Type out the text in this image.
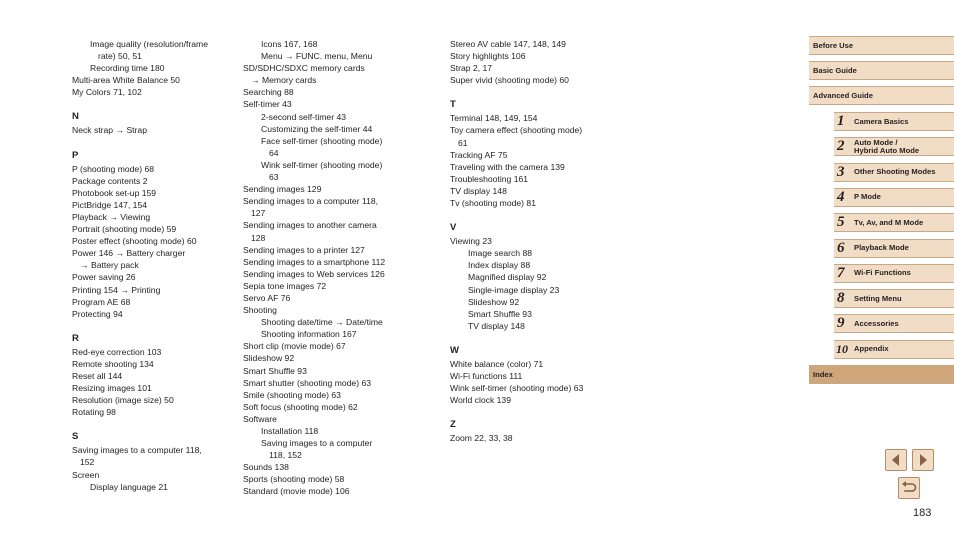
Image quality (resolution/frame
rate) 50, 51
Recording time 180
Multi-area White Balance 50
My Colors 71, 102
N
Neck strap → Strap
P
P (shooting mode) 68
Package contents 2
Photobook set-up 159
PictBridge 147, 154
Playback → Viewing
Portrait (shooting mode) 59
Poster effect (shooting mode) 60
Power 146 → Battery charger
→ Battery pack
Power saving 26
Printing 154 → Printing
Program AE 68
Protecting 94
R
Red-eye correction 103
Remote shooting 134
Reset all 144
Resizing images 101
Resolution (image size) 50
Rotating 98
S
Saving images to a computer 118,
152
Screen
Display language 21
Icons 167, 168
Menu → FUNC. menu, Menu
SD/SDHC/SDXC memory cards
→ Memory cards
Searching 88
Self-timer 43
2-second self-timer 43
Customizing the self-timer 44
Face self-timer (shooting mode)
64
Wink self-timer (shooting mode)
63
Sending images 129
Sending images to a computer 118,
127
Sending images to another camera
128
Sending images to a printer 127
Sending images to a smartphone 112
Sending images to Web services 126
Sepia tone images 72
Servo AF 76
Shooting
Shooting date/time → Date/time
Shooting information 167
Short clip (movie mode) 67
Slideshow 92
Smart Shuffle 93
Smart shutter (shooting mode) 63
Smile (shooting mode) 63
Soft focus (shooting mode) 62
Software
Installation 118
Saving images to a computer
118, 152
Sounds 138
Sports (shooting mode) 58
Standard (movie mode) 106
Stereo AV cable 147, 148, 149
Story highlights 106
Strap 2, 17
Super vivid (shooting mode) 60
T
Terminal 148, 149, 154
Toy camera effect (shooting mode)
61
Tracking AF 75
Traveling with the camera 139
Troubleshooting 161
TV display 148
Tv (shooting mode) 81
V
Viewing 23
Image search 88
Index display 88
Magnified display 92
Single-image display 23
Slideshow 92
Smart Shuffle 93
TV display 148
W
White balance (color) 71
Wi-Fi functions 111
Wink self-timer (shooting mode) 63
World clock 139
Z
Zoom 22, 33, 38
Before Use
Basic Guide
Advanced Guide
1 Camera Basics
2 Auto Mode /
Hybrid Auto Mode
3 Other Shooting Modes
4 P Mode
5 Tv, Av, and M Mode
6 Playback Mode
7 Wi-Fi Functions
8 Setting Menu
9 Accessories
10 Appendix
Index
183
